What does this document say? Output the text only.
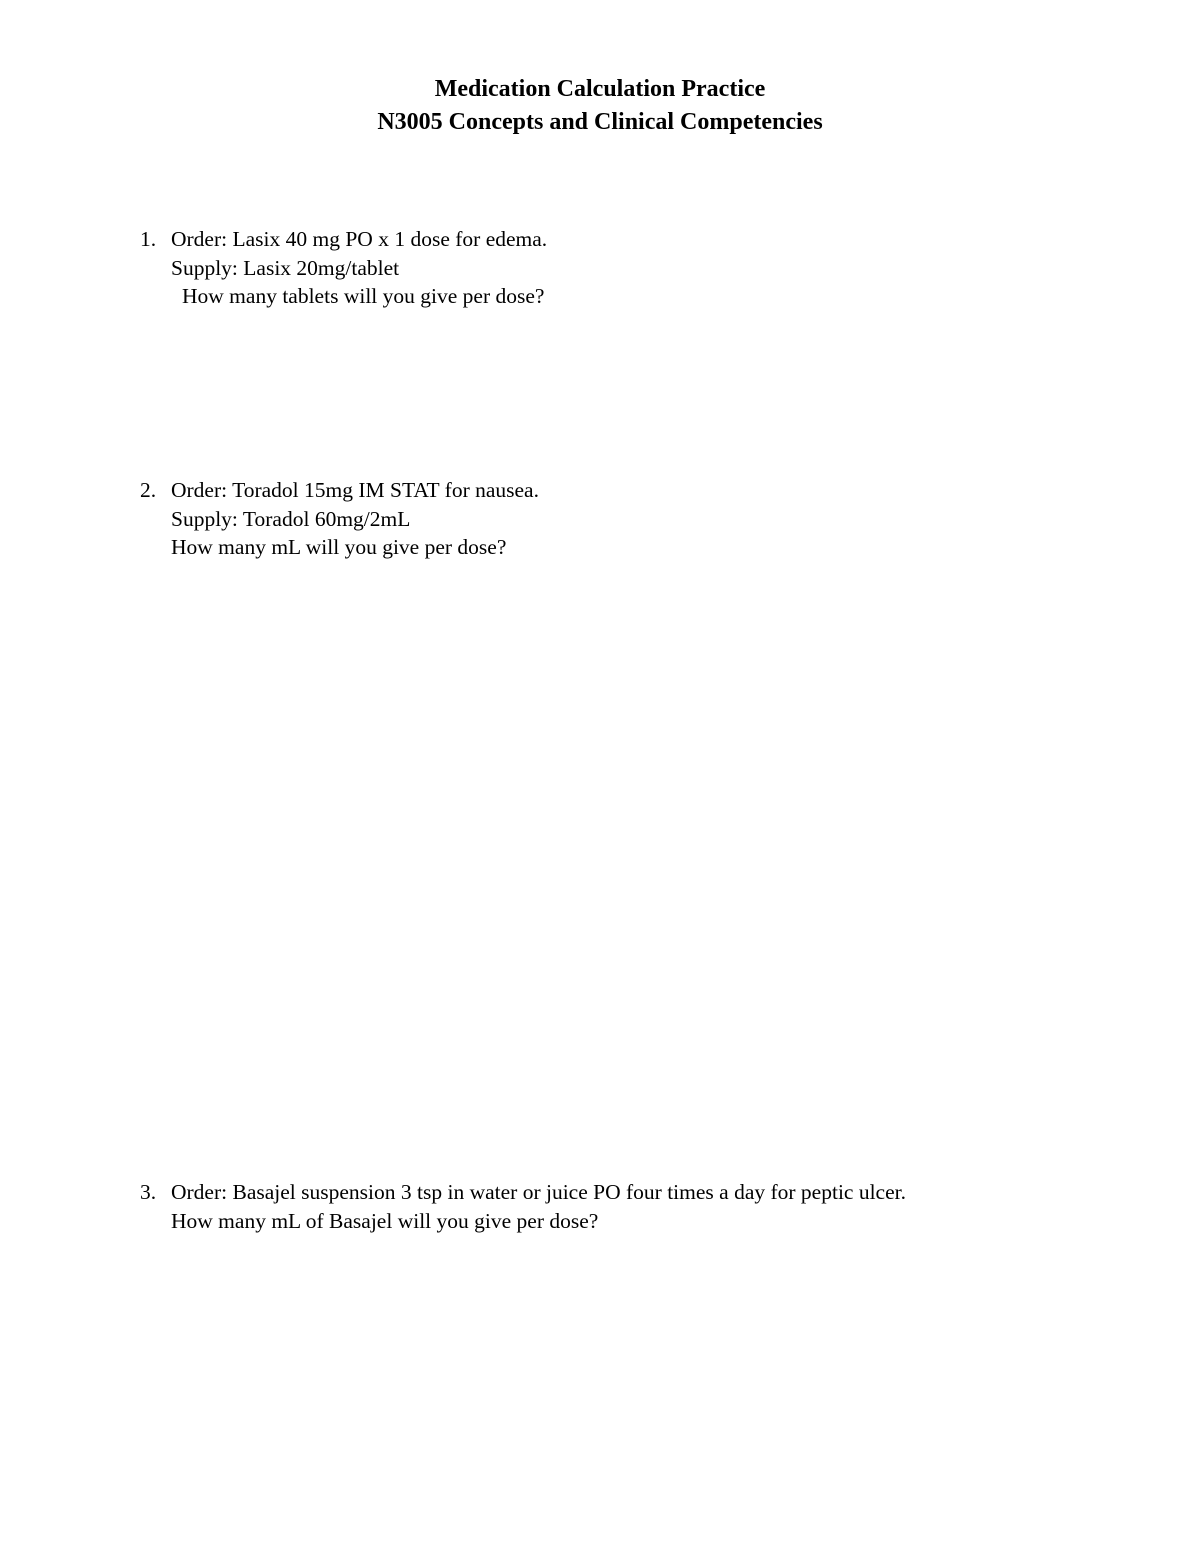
Medication Calculation Practice
N3005 Concepts and Clinical Competencies
1. Order: Lasix 40 mg PO x 1 dose for edema.
Supply: Lasix 20mg/tablet
How many tablets will you give per dose?
2. Order: Toradol 15mg IM STAT for nausea.
Supply: Toradol 60mg/2mL
How many mL will you give per dose?
3. Order: Basajel suspension 3 tsp in water or juice PO four times a day for peptic ulcer.
How many mL of Basajel will you give per dose?
